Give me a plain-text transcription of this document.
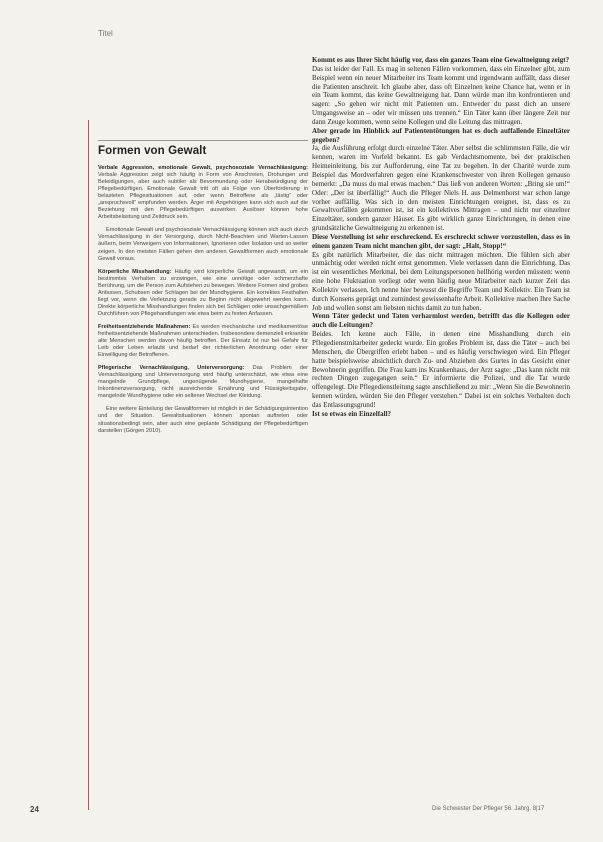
Titel
Formen von Gewalt

Verbale Aggression, emotionale Gewalt, psychosoziale Vernachlässigung: Verbale Aggression zeigt sich häufig in Form von Anschreien, Drohungen und Beleidigungen, aber auch subtiler als Bevormundung oder Herabwürdigung der Pflegebedürftigen. Emotionale Gewalt tritt oft als Folge von Überforderung in belasteten Pflegesituationen auf, oder wenn Betroffene als „lästig“ oder „anspruchsvoll“ empfunden werden. Ärger mit Angehörigen kann sich auch auf die Beziehung mit den Pflegebedürftigen auswirken. Auslöser können hohe Arbeitsbelastung und Zeitdruck sein.

Emotionale Gewalt und psychosoziale Vernachlässigung können sich auch durch Vernachlässigung in der Versorgung, durch Nicht-Beachten und Warten-Lassen äußern, beim Verweigern von Informationen, Ignorieren oder Isolation und so weiter zeigen. In den meisten Fällen gehen den anderen Gewaltformen auch emotionale Gewalt voraus.

Körperliche Misshandlung: Häufig wird körperliche Gewalt angewandt, um ein bestimmtes Verhalten zu erzwingen, wie eine unnötige oder schmerzhafte Berührung, um die Person zum Aufstehen zu bewegen. Weitere Formen sind grobes Anfassen, Schubsen oder Schlagen bei der Mundhygiene. Ein korrektes Festhalten liegt vor, wenn die Verletzung gerade zu Beginn nicht abgewehrt werden kann. Direkte körperliche Misshandlungen finden sich bei Schlägen oder unsachgemäßem Durchführen von Pflegehandlungen wie etwa beim zu festen Anfassen.

Freiheitsentziehende Maßnahmen: Es werden mechanische und medikamentöse freiheitsentziehende Maßnahmen unterschieden. Insbesondere demenziell erkrankte alte Menschen werden davon häufig betroffen. Der Einsatz ist nur bei Gefahr für Leib oder Leben erlaubt und bedarf der richterlichen Anordnung oder einer Einwilligung der Betroffenen.

Pflegerische Vernachlässigung, Unterversorgung: Das Problem der Vernachlässigung und Unterversorgung wird häufig unterschätzt, wie etwa eine mangelnde Grundpflege, ungenügende Mundhygiene, mangelhafte Inkontinenzversorgung, nicht ausreichende Ernährung und Flüssigkeitsgabe, mangelnde Wundhygiene oder ein seltener Wechsel der Kleidung.

Eine weitere Einteilung der Gewaltformen ist möglich in der Schädigungsintention und der Situation. Gewaltsituationen können spontan auftreten oder situationsbedingt sein, aber auch eine geplante Schädigung der Pflegebedürftigen darstellen (Görgen 2010).

Kommt es aus Ihrer Sicht häufig vor, dass ein ganzes Team eine Gewaltneigung zeigt?

Das ist leider der Fall. Es mag in seltenen Fällen vorkommen, dass ein Einzelner gibt, zum Beispiel wenn ein neuer Mitarbeiter ins Team kommt und irgendwann auffällt, dass dieser die Patienten anschreit. Ich glaube aber, dass oft Einzelnen keine Chance hat, wenn er in ein Team kommt, das keine Gewaltneigung hat. Dann würde man ihn konfrontieren und sagen: „So gehen wir nicht mit Patienten um. Entweder du passt dich an unsere Umgangsweise an – oder wir müssen uns trennen.“ Ein Täter kann über längere Zeit nur dann Zeuge kommen, wenn seine Kollegen und die Leitung das mittragen.

Aber gerade im Hinblick auf Patiententötungen hat es doch auffallende Einzeltäter gegeben?

Ja, die Ausführung erfolgt durch einzelne Täter. Aber selbst die schlimmsten Fälle, die wir kennen, waren im Vorfeld bekannt. Es gab Verdachtsmomente, bei der praktischen Heimeinleitung, bis zur Aufforderung, eine Tat zu begehen. In der Charité wurde zum Beispiel das Mordverfahren gegen eine Krankenschwester von ihren Kollegen genauso bemerkt: „Da muss du mal etwas machen.“ Das ließ von anderen Worten: „Bring sie um!“ Oder: „Der ist überfällig!“ Auch die Pfleger Niels H. aus Delmenhorst war schon lange vorher auffällig. Was sich in den meisten Einrichtungen ereignet, ist, dass es zu Gewaltvorfällen gekommen ist, ist ein kollektives Mittragen – und nicht nur einzelner Einzeltäter, sondern ganzer Häuser. Es gibt wirklich ganze Einrichtungen, in denen eine grundsätzliche Gewaltneigung zu erkennen ist.

Diese Vorstellung ist sehr erschreckend. Es erschreckt schwer vorzustellen, dass es in einem ganzen Team nicht manchen gibt, der sagt: „Halt, Stopp!“

Es gibt natürlich Mitarbeiter, die das nicht mittragen möchten. Die fühlen sich aber unmächtig oder werden nicht ernst genommen. Viele verlassen dann die Einrichtung. Das ist ein wesentliches Merkmal, bei dem Leitungspersonen hellhörig werden müssten: wenn eine hohe Fluktuation vorliegt oder wenn häufig neue Mitarbeiter nach kurzer Zeit das Kollektiv verlassen. Ich nenne hier bewusst die Begriffe Team und Kollektiv. Ein Team ist durch Konsens geprägt und zumindest gewissenhafte Arbeit. Kollektive machen Ihre Sache Job und wollen sonst am liebsten nichts damit zu tun haben.

Wenn Täter gedeckt und Taten verharmlost werden, betrifft das die Kollegen oder auch die Leitungen?

Beides. Ich kenne auch Fälle, in denen eine Misshandlung durch ein Pflegedienstmitarbeiter gedeckt wurde. Ein großes Problem ist, dass die Täter – auch bei Menschen, die Übergriffen erlebt haben – und es häufig verschwiegen wird. Ein Pfleger hatte beispielsweise absichtlich durch Zu- und Abziehen des Gurtes in das Gesicht einer Bewohnerin gegriffen. Die Frau kam ins Krankenhaus, der Arzt sagte: „Das kann nicht mit rechten Dingen zugegangen sein.“ Er informierte die Polizei, und die Tat wurde offengelegt. Die Pflegedienstleitung sagte anschließend zu mir: „Wenn Sie die Bewohnerin kennen würden, würden Sie den Pfleger verstehen.“ Dabei ist ein solches Verhalten doch das Entlassungsgrund!

Ist so etwas ein Einzelfall?

24	Die Schwester Der Pfleger 56. Jahrg. 8|17
